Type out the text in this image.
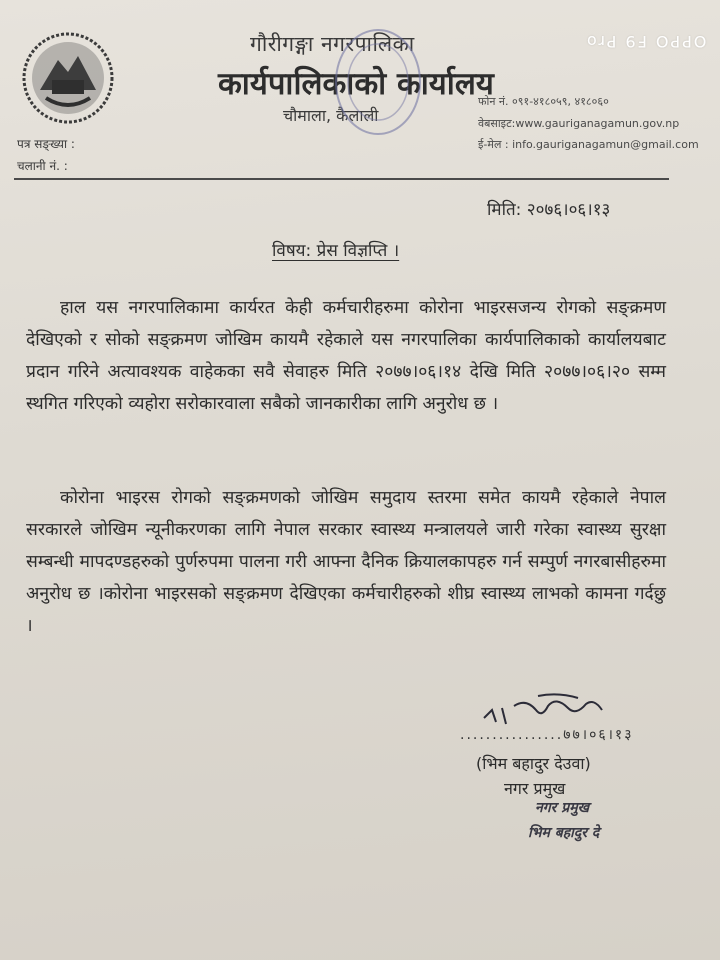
गौरीगङ्गा नगरपालिका
कार्यपालिकाको कार्यालय
चौमाला, कैलाली
OPPO F9 Pro
फोन नं. ०९१-४१८०५९, ४१८०६०
वेबसाइट:www.gauriganagamun.gov.np
ई-मेल : info.gauriganagamun@gmail.com
पत्र सङ्ख्या :
चलानी नं. :
मिति: २०७६।०६।१३
विषय: प्रेस विज्ञप्ति ।
हाल यस नगरपालिकामा कार्यरत केही कर्मचारीहरुमा कोरोना भाइरसजन्य रोगको सङ्क्रमण देखिएको र सोको सङ्क्रमण जोखिम कायमै रहेकाले यस नगरपालिका कार्यपालिकाको कार्यालयबाट प्रदान गरिने अत्यावश्यक वाहेकका सवै सेवाहरु मिति २०७७।०६।१४ देखि मिति २०७७।०६।२० सम्म स्थगित गरिएको व्यहोरा सरोकारवाला सबैको जानकारीका लागि अनुरोध छ ।
कोरोना भाइरस रोगको सङ्क्रमणको जोखिम समुदाय स्तरमा समेत कायमै रहेकाले नेपाल सरकारले जोखिम न्यूनीकरणका लागि नेपाल सरकार स्वास्थ्य मन्त्रालयले जारी गरेका स्वास्थ्य सुरक्षा सम्बन्धी मापदण्डहरुको पुर्णरुपमा पालना गरी आफ्ना दैनिक क्रियालकापहरु गर्न सम्पुर्ण नगरबासीहरुमा अनुरोध छ ।कोरोना भाइरसको सङ्क्रमण देखिएका कर्मचारीहरुको शीघ्र स्वास्थ्य लाभको कामना गर्दछु ।
................७७।०६।१३
(भिम बहादुर देउवा)
नगर प्रमुख
नगर प्रमुख
भिम बहादुर दे
